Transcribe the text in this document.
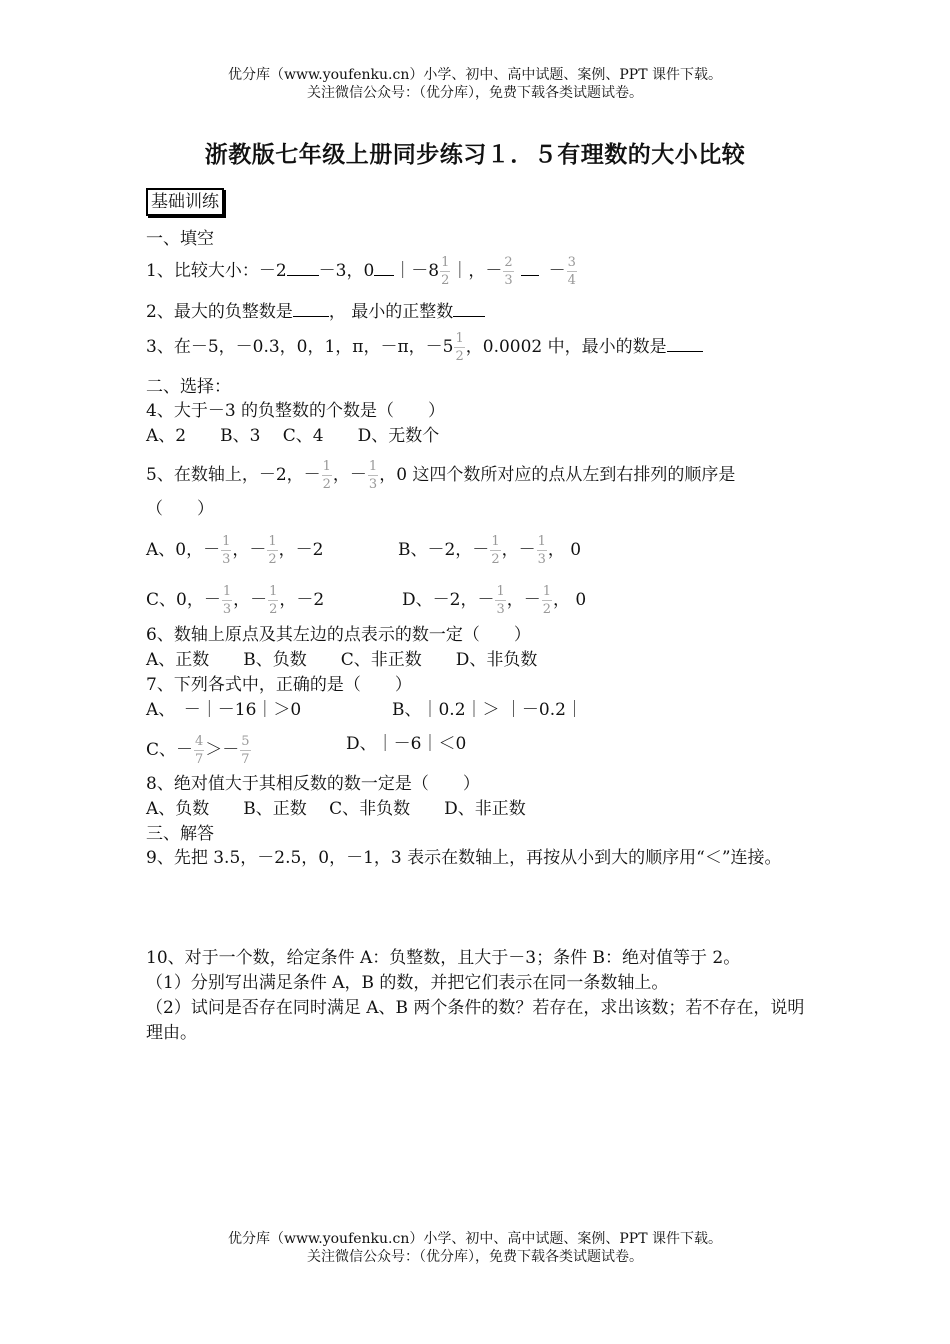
优分库（www.youfenku.cn）小学、初中、高中试题、案例、PPT 课件下载。
关注微信公众号：（优分库），免费下载各类试题试卷。
浙教版七年级上册同步练习１．５有理数的大小比较
基础训练
一、填空
1、比较大小：－2 －3，0 ｜－8 $\frac{1}{2}$ ｜，－ $\frac{2}{3} - \frac{3}{4}$
2、最大的负整数是 ， 最小的正整数
3、在－5，－0.3，0，1，π，－π，$-5 \frac{1}{2}$ ，0.0002 中，最小的数是
二、选择：
4、大于－3 的负整数的个数是（　　）
A、2　　B、3　 C、4　　D、无数个
5、在数轴上，－2，－ $\frac{1}{2}$ ，－ $\frac{1}{3}$ ，0 这四个数所对应的点从左到右排列的顺序是
（　　）
A、0，－ $\frac{1}{3}$ ，－ $\frac{1}{2}$ ，－2	B、－2，－ $\frac{1}{2}$ ，－ $\frac{1}{3}$ ， 0
C、0，－ $\frac{1}{3}$ ，－ $\frac{1}{2}$ ，－2	D、－2，－ $\frac{1}{3}$ ，－ $\frac{1}{2}$ ， 0
6、数轴上原点及其左边的点表示的数一定（　　）
A、正数　　B、负数　　C、非正数　　D、非负数
7、下列各式中，正确的是（　　）
A、　－｜－16｜＞0	B、｜0.2｜＞ ｜－0.2｜
C、－ $\frac{4}{7} >- \frac{5}{7}$	D、｜－6｜＜0
8、绝对值大于其相反数的数一定是（　　）
A、负数　　B、正数　 C、非负数　　D、非正数
三、解答
9、先把 3.5，－2.5，0，－1，3 表示在数轴上，再按从小到大的顺序用“＜”连接。
10、对于一个数，给定条件 A：负整数，且大于－3；条件 B：绝对值等于 2。
（1）分别写出满足条件 A，B 的数，并把它们表示在同一条数轴上。
（2）试问是否存在同时满足 A、B 两个条件的数？若存在，求出该数；若不存在，说明理由。
优分库（www.youfenku.cn）小学、初中、高中试题、案例、PPT 课件下载。
关注微信公众号：（优分库），免费下载各类试题试卷。
